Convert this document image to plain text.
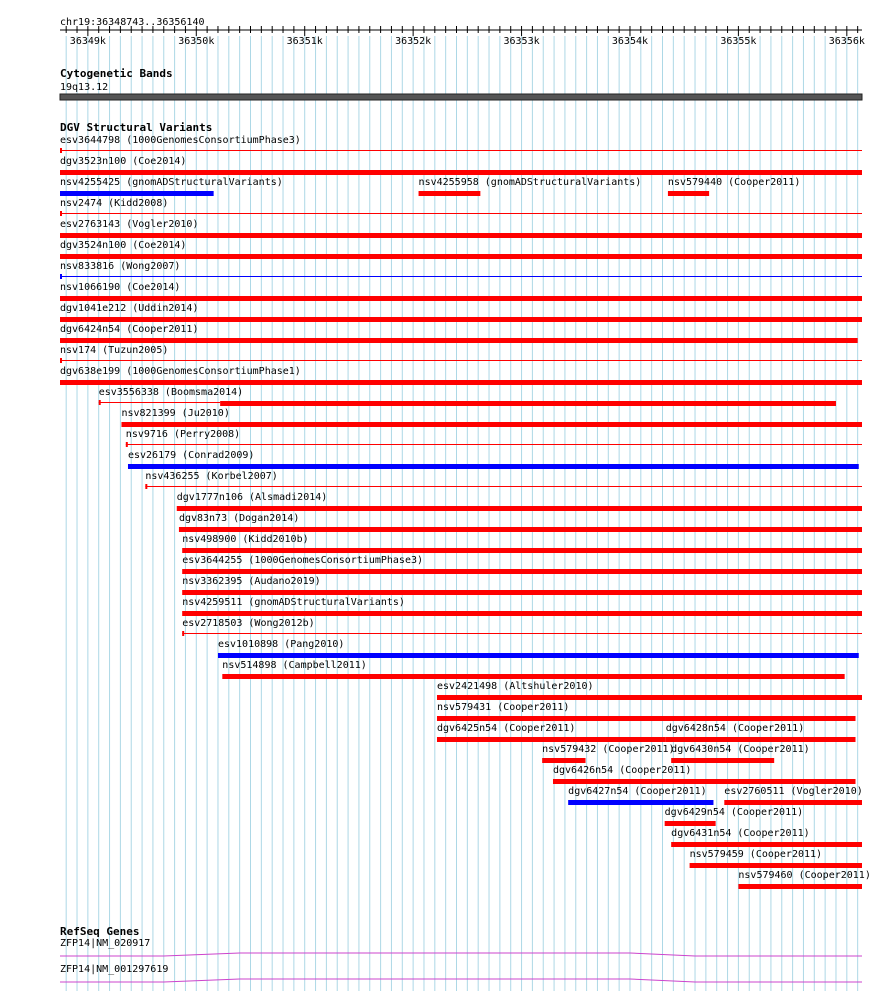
chr19:36348743..36356140
36349k	36350k	36351k	36352k	36353k	36354k	36355k	36356k
Cytogenetic Bands
19q13.12
DGV Structural Variants
esv3644798 (1000GenomesConsortiumPhase3)
dgv3523n100 (Coe2014)
nsv4255425 (gnomADStructuralVariants)	nsv4255958 (gnomADStructuralVariants)	nsv579440 (Cooper2011)
nsv2474 (Kidd2008)
esv2763143 (Vogler2010)
dgv3524n100 (Coe2014)
nsv833816 (Wong2007)
nsv1066190 (Coe2014)
dgv1041e212 (Uddin2014)
dgv6424n54 (Cooper2011)
nsv174 (Tuzun2005)
dgv638e199 (1000GenomesConsortiumPhase1)
esv3556338 (Boomsma2014)
nsv821399 (Ju2010)
nsv9716 (Perry2008)
esv26179 (Conrad2009)
nsv436255 (Korbel2007)
dgv1777n106 (Alsmadi2014)
dgv83n73 (Dogan2014)
nsv498900 (Kidd2010b)
esv3644255 (1000GenomesConsortiumPhase3)
nsv3362395 (Audano2019)
nsv4259511 (gnomADStructuralVariants)
esv2718503 (Wong2012b)
esv1010898 (Pang2010)
nsv514898 (Campbell2011)
esv2421498 (Altshuler2010)
nsv579431 (Cooper2011)
dgv6425n54 (Cooper2011)	dgv6428n54 (Cooper2011)
nsv579432 (Cooper2011)
dgv6430n54 (Cooper2011)
dgv6426n54 (Cooper2011)
dgv6427n54 (Cooper2011) esv2760511 (Vogler2010)
dgv6429n54 (Cooper2011)
dgv6431n54 (Cooper2011)
nsv579459 (Cooper2011)
nsv579460 (Cooper2011)
RefSeq Genes
ZFP14|NM_020917
ZFP14|NM_001297619
